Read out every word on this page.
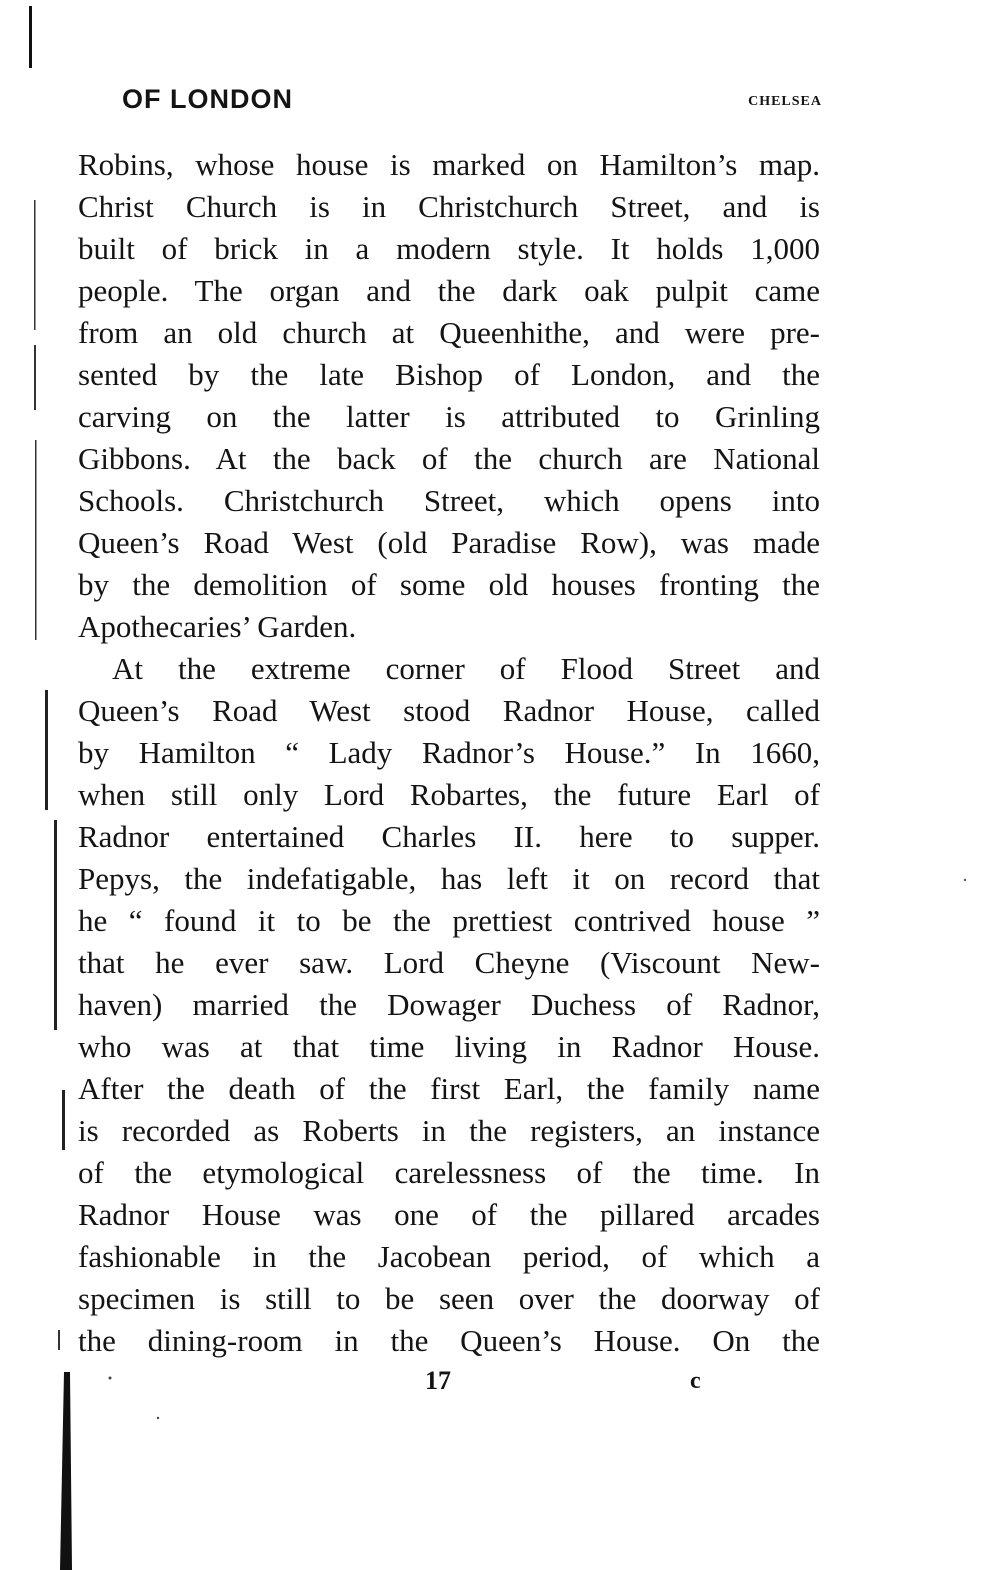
OF LONDON	CHELSEA
Robins, whose house is marked on Hamilton’s map.
Christ Church is in Christchurch Street, and is
built of brick in a modern style. It holds 1,000
people. The organ and the dark oak pulpit came
from an old church at Queenhithe, and were pre-
sented by the late Bishop of London, and the
carving on the latter is attributed to Grinling
Gibbons. At the back of the church are National
Schools. Christchurch Street, which opens into
Queen’s Road West (old Paradise Row), was made
by the demolition of some old houses fronting the
Apothecaries’ Garden.
At the extreme corner of Flood Street and
Queen’s Road West stood Radnor House, called
by Hamilton “ Lady Radnor’s House.” In 1660,
when still only Lord Robartes, the future Earl of
Radnor entertained Charles II. here to supper.
Pepys, the indefatigable, has left it on record that
he “ found it to be the prettiest contrived house ”
that he ever saw. Lord Cheyne (Viscount New-
haven) married the Dowager Duchess of Radnor,
who was at that time living in Radnor House.
After the death of the first Earl, the family name
is recorded as Roberts in the registers, an instance
of the etymological carelessness of the time. In
Radnor House was one of the pillared arcades
fashionable in the Jacobean period, of which a
specimen is still to be seen over the doorway of
the dining-room in the Queen’s House. On the
17	c
